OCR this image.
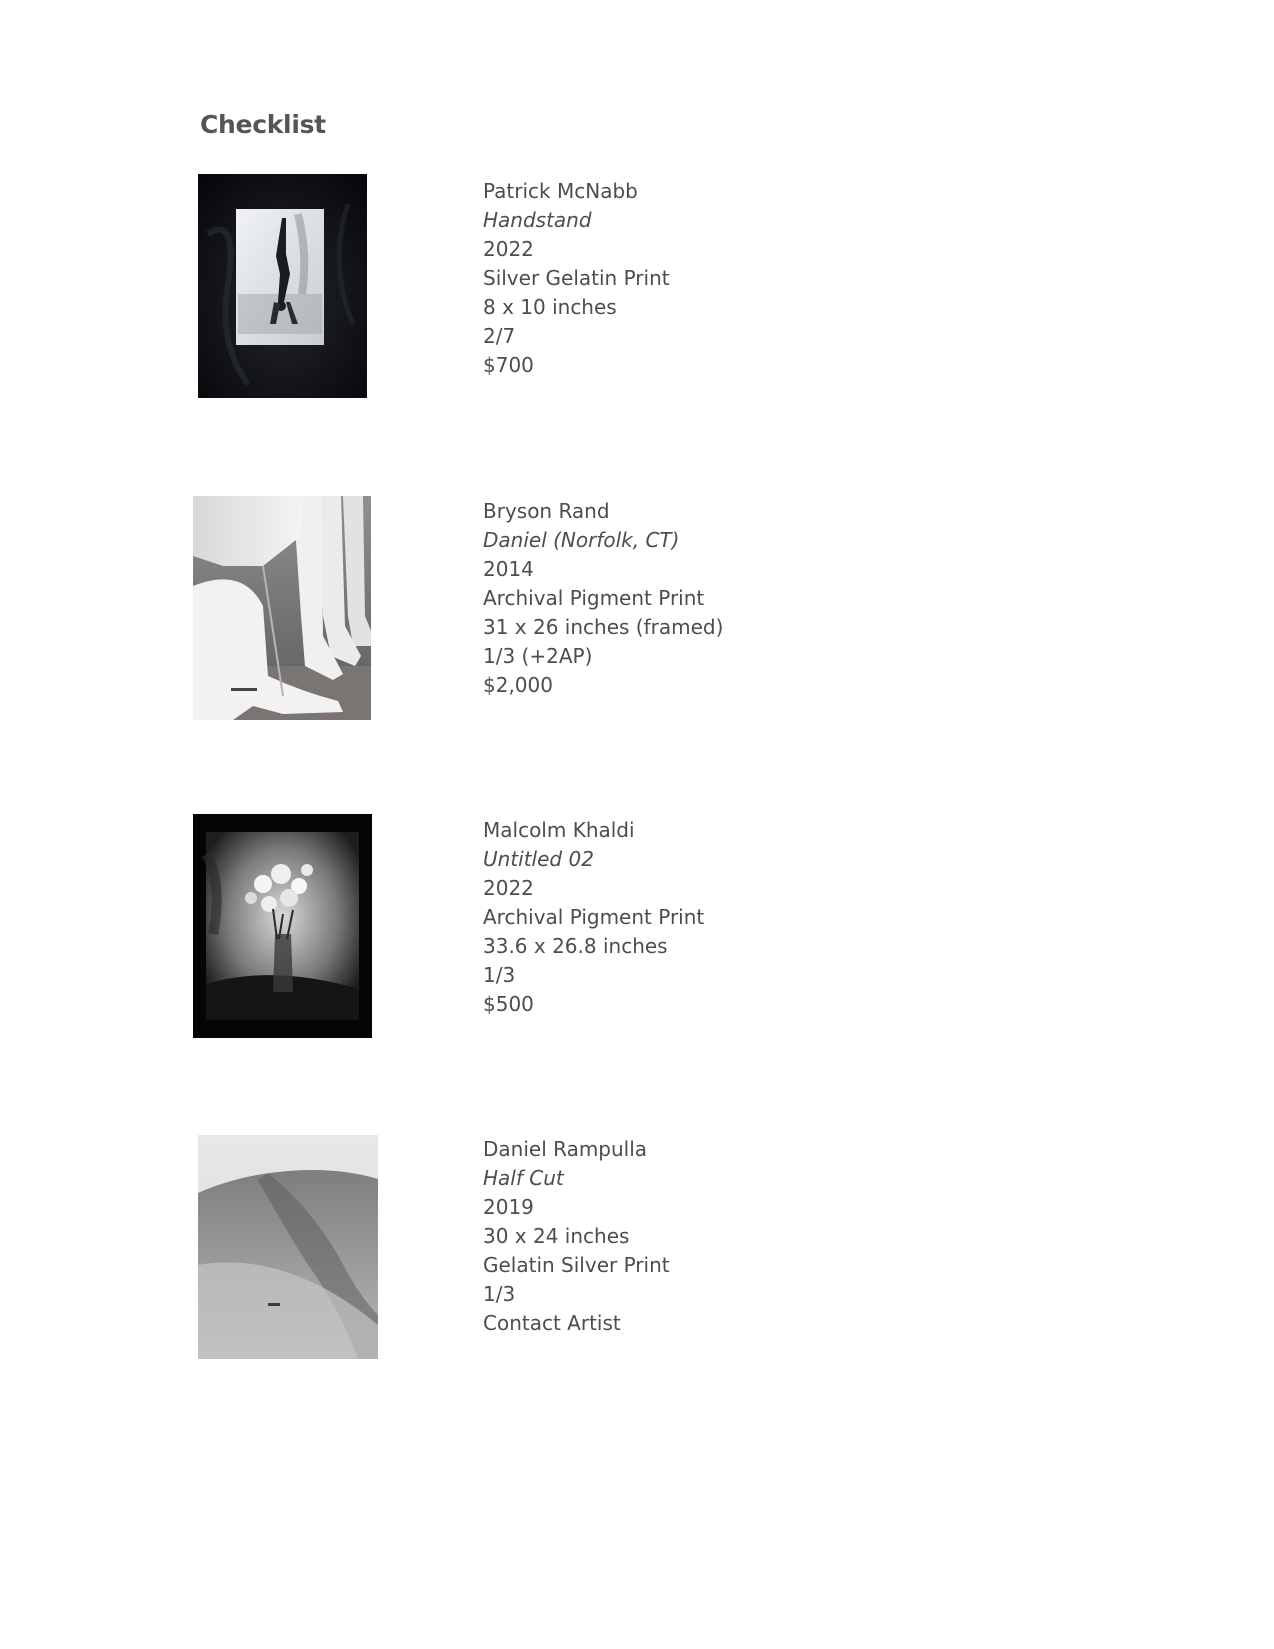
Checklist
Patrick McNabb
Handstand
2022
Silver Gelatin Print
8 x 10 inches
2/7
$700
Bryson Rand
Daniel (Norfolk, CT)
2014
Archival Pigment Print
31 x 26 inches (framed)
1/3 (+2AP)
$2,000
Malcolm Khaldi
Untitled 02
2022
Archival Pigment Print
33.6 x 26.8 inches
1/3
$500
Daniel Rampulla
Half Cut
2019
30 x 24 inches
Gelatin Silver Print
1/3
Contact Artist
